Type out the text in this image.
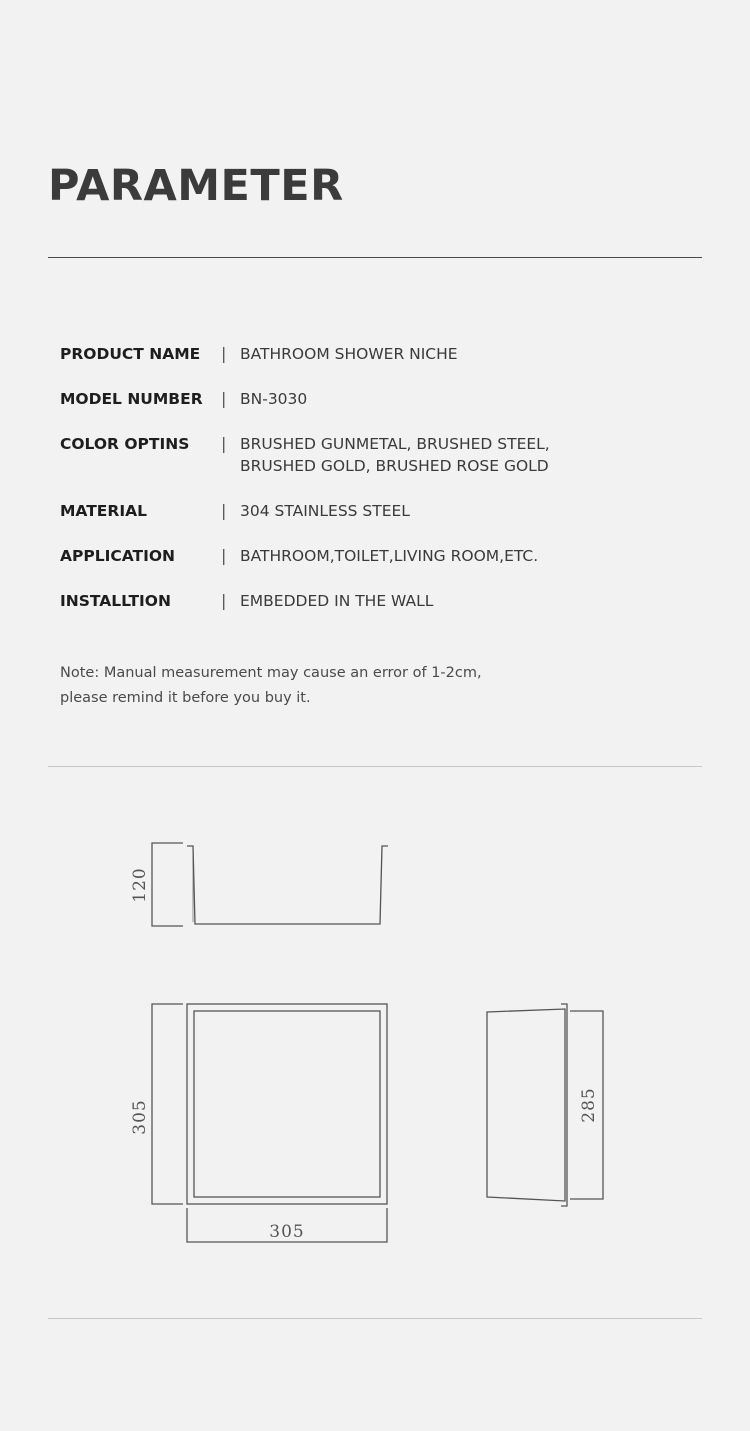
PARAMETER
PRODUCT NAME | BATHROOM SHOWER NICHE
MODEL NUMBER | BN-3030
COLOR OPTINS | BRUSHED GUNMETAL, BRUSHED STEEL,
BRUSHED GOLD, BRUSHED ROSE GOLD
MATERIAL	| 304 STAINLESS STEEL
APPLICATION	| BATHROOM,TOILET,LIVING ROOM,ETC.
INSTALLTION	| EMBEDDED IN THE WALL

Note: Manual measurement may cause an error of 1-2cm,
please remind it before you buy it.

120
305
305
285
